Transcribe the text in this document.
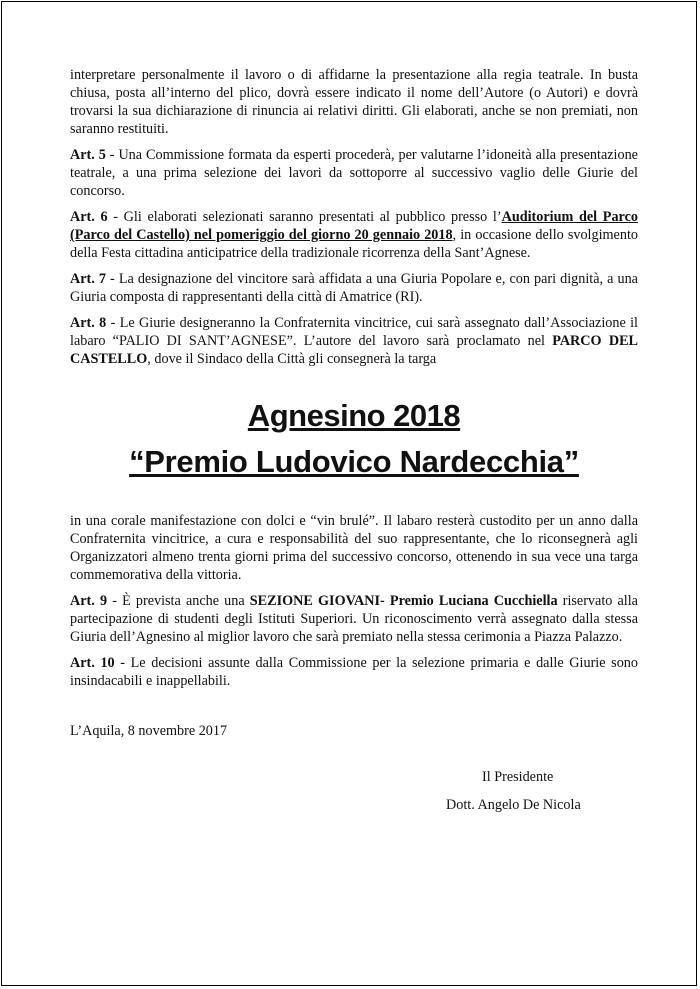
interpretare personalmente il lavoro o di affidarne la presentazione alla regia teatrale. In busta chiusa, posta all’interno del plico, dovrà essere indicato il nome dell’Autore (o Autori) e dovrà trovarsi la sua dichiarazione di rinuncia ai relativi diritti. Gli elaborati, anche se non premiati, non saranno restituiti.

Art. 5 - Una Commissione formata da esperti procederà, per valutarne l’idoneità alla presentazione teatrale, a una prima selezione dei lavori da sottoporre al successivo vaglio delle Giurie del concorso.

Art. 6 - Gli elaborati selezionati saranno presentati al pubblico presso l’Auditorium del Parco (Parco del Castello) nel pomeriggio del giorno 20 gennaio 2018, in occasione dello svolgimento della Festa cittadina anticipatrice della tradizionale ricorrenza della Sant’Agnese.

Art. 7 - La designazione del vincitore sarà affidata a una Giuria Popolare e, con pari dignità, a una Giuria composta di rappresentanti della città di Amatrice (RI).

Art. 8 - Le Giurie designeranno la Confraternita vincitrice, cui sarà assegnato dall’Associazione il labaro “PALIO DI SANT’AGNESE”. L’autore del lavoro sarà proclamato nel PARCO DEL CASTELLO, dove il Sindaco della Città gli consegnerà la targa

Agnesino 2018
“Premio Ludovico Nardecchia”

in una corale manifestazione con dolci e “vin brulé”. Il labaro resterà custodito per un anno dalla Confraternita vincitrice, a cura e responsabilità del suo rappresentante, che lo riconsegnerà agli Organizzatori almeno trenta giorni prima del successivo concorso, ottenendo in sua vece una targa commemorativa della vittoria.

Art. 9 - È prevista anche una SEZIONE GIOVANI- Premio Luciana Cucchiella riservato alla partecipazione di studenti degli Istituti Superiori. Un riconoscimento verrà assegnato dalla stessa Giuria dell’Agnesino al miglior lavoro che sarà premiato nella stessa cerimonia a Piazza Palazzo.

Art. 10 - Le decisioni assunte dalla Commissione per la selezione primaria e dalle Giurie sono insindacabili e inappellabili.

L’Aquila, 8 novembre 2017
Il Presidente
Dott. Angelo De Nicola
